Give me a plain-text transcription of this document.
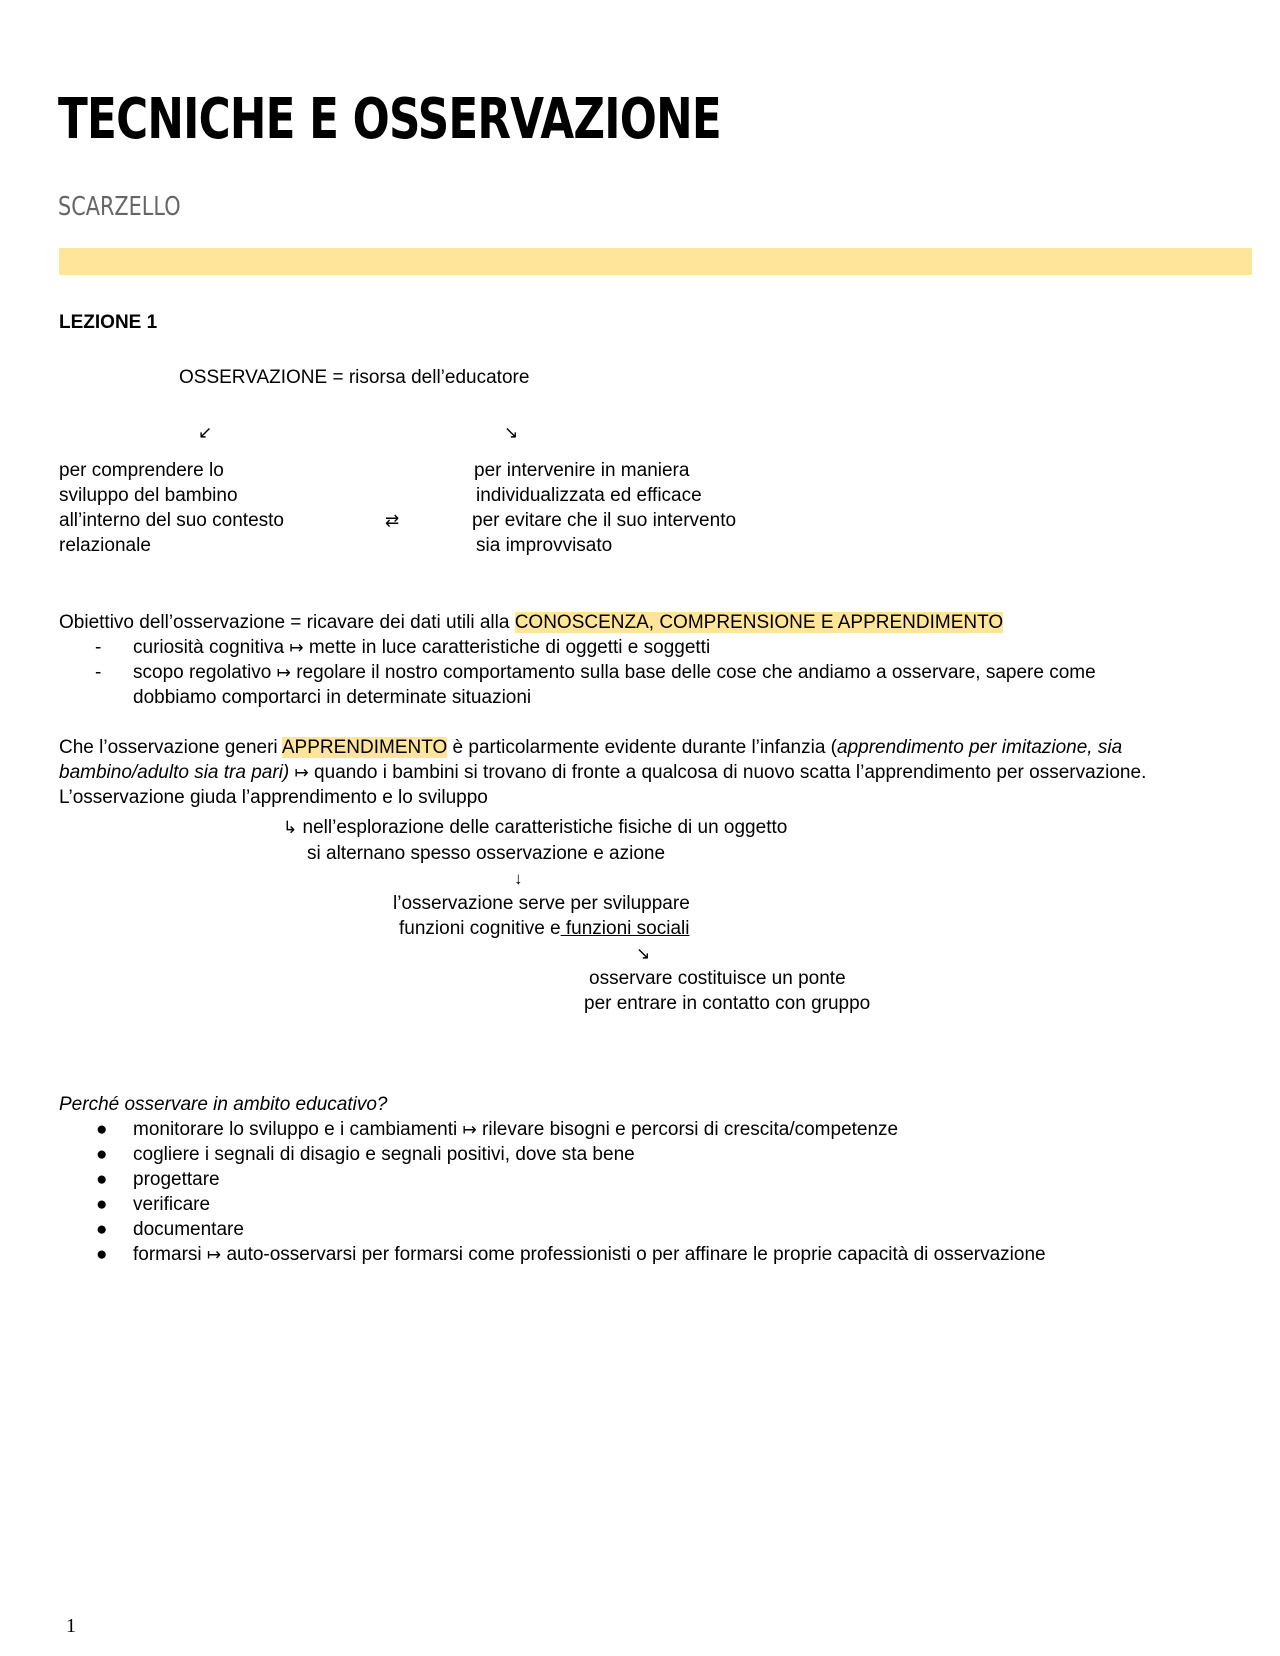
TECNICHE E OSSERVAZIONE
SCARZELLO
LEZIONE 1
OSSERVAZIONE = risorsa dell’educatore
↙	↘
per comprendere lo
sviluppo del bambino
all’interno del suo contesto
relazionale
⇄
per intervenire in maniera
individualizzata ed efficace
per evitare che il suo intervento
sia improvvisato
Obiettivo dell’osservazione = ricavare dei dati utili alla CONOSCENZA, COMPRENSIONE E APPRENDIMENTO
- curiosità cognitiva ↦ mette in luce caratteristiche di oggetti e soggetti
- scopo regolativo ↦ regolare il nostro comportamento sulla base delle cose che andiamo a osservare, sapere come
dobbiamo comportarci in determinate situazioni
Che l’osservazione generi APPRENDIMENTO è particolarmente evidente durante l’infanzia (apprendimento per imitazione, sia
bambino/adulto sia tra pari) ↦ quando i bambini si trovano di fronte a qualcosa di nuovo scatta l’apprendimento per osservazione.
L’osservazione giuda l’apprendimento e lo sviluppo
↳ nell’esplorazione delle caratteristiche fisiche di un oggetto
si alternano spesso osservazione e azione
↓
l’osservazione serve per sviluppare
funzioni cognitive e funzioni sociali
↘
osservare costituisce un ponte
per entrare in contatto con gruppo
Perché osservare in ambito educativo?
● monitorare lo sviluppo e i cambiamenti ↦ rilevare bisogni e percorsi di crescita/competenze
● cogliere i segnali di disagio e segnali positivi, dove sta bene
● progettare
● verificare
● documentare
● formarsi ↦ auto-osservarsi per formarsi come professionisti o per affinare le proprie capacità di osservazione
1
